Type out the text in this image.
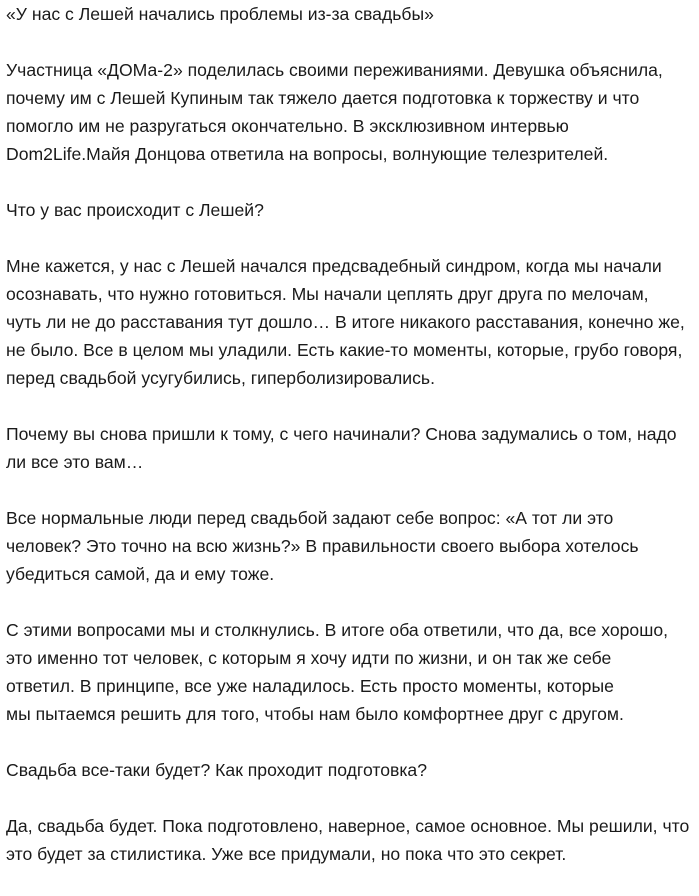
«У нас с Лешей начались проблемы из-за свадьбы»

Участница «ДОМа-2» поделилась своими переживаниями. Девушка объяснила,
почему им с Лешей Купиным так тяжело дается подготовка к торжеству и что
помогло им не разругаться окончательно. В эксклюзивном интервью
Dom2Life.Майя Донцова ответила на вопросы, волнующие телезрителей.

Что у вас происходит с Лешей?

Мне кажется, у нас с Лешей начался предсвадебный синдром, когда мы начали
осознавать, что нужно готовиться. Мы начали цеплять друг друга по мелочам,
чуть ли не до расставания тут дошло… В итоге никакого расставания, конечно же,
не было. Все в целом мы уладили. Есть какие-то моменты, которые, грубо говоря,
перед свадьбой усугубились, гиперболизировались.

Почему вы снова пришли к тому, с чего начинали? Снова задумались о том, надо
ли все это вам…

Все нормальные люди перед свадьбой задают себе вопрос: «А тот ли это
человек? Это точно на всю жизнь?» В правильности своего выбора хотелось
убедиться самой, да и ему тоже.

С этими вопросами мы и столкнулись. В итоге оба ответили, что да, все хорошо,
это именно тот человек, с которым я хочу идти по жизни, и он так же себе
ответил. В принципе, все уже наладилось. Есть просто моменты, которые
мы пытаемся решить для того, чтобы нам было комфортнее друг с другом.

Свадьба все-таки будет? Как проходит подготовка?

Да, свадьба будет. Пока подготовлено, наверное, самое основное. Мы решили, что
это будет за стилистика. Уже все придумали, но пока что это секрет.
